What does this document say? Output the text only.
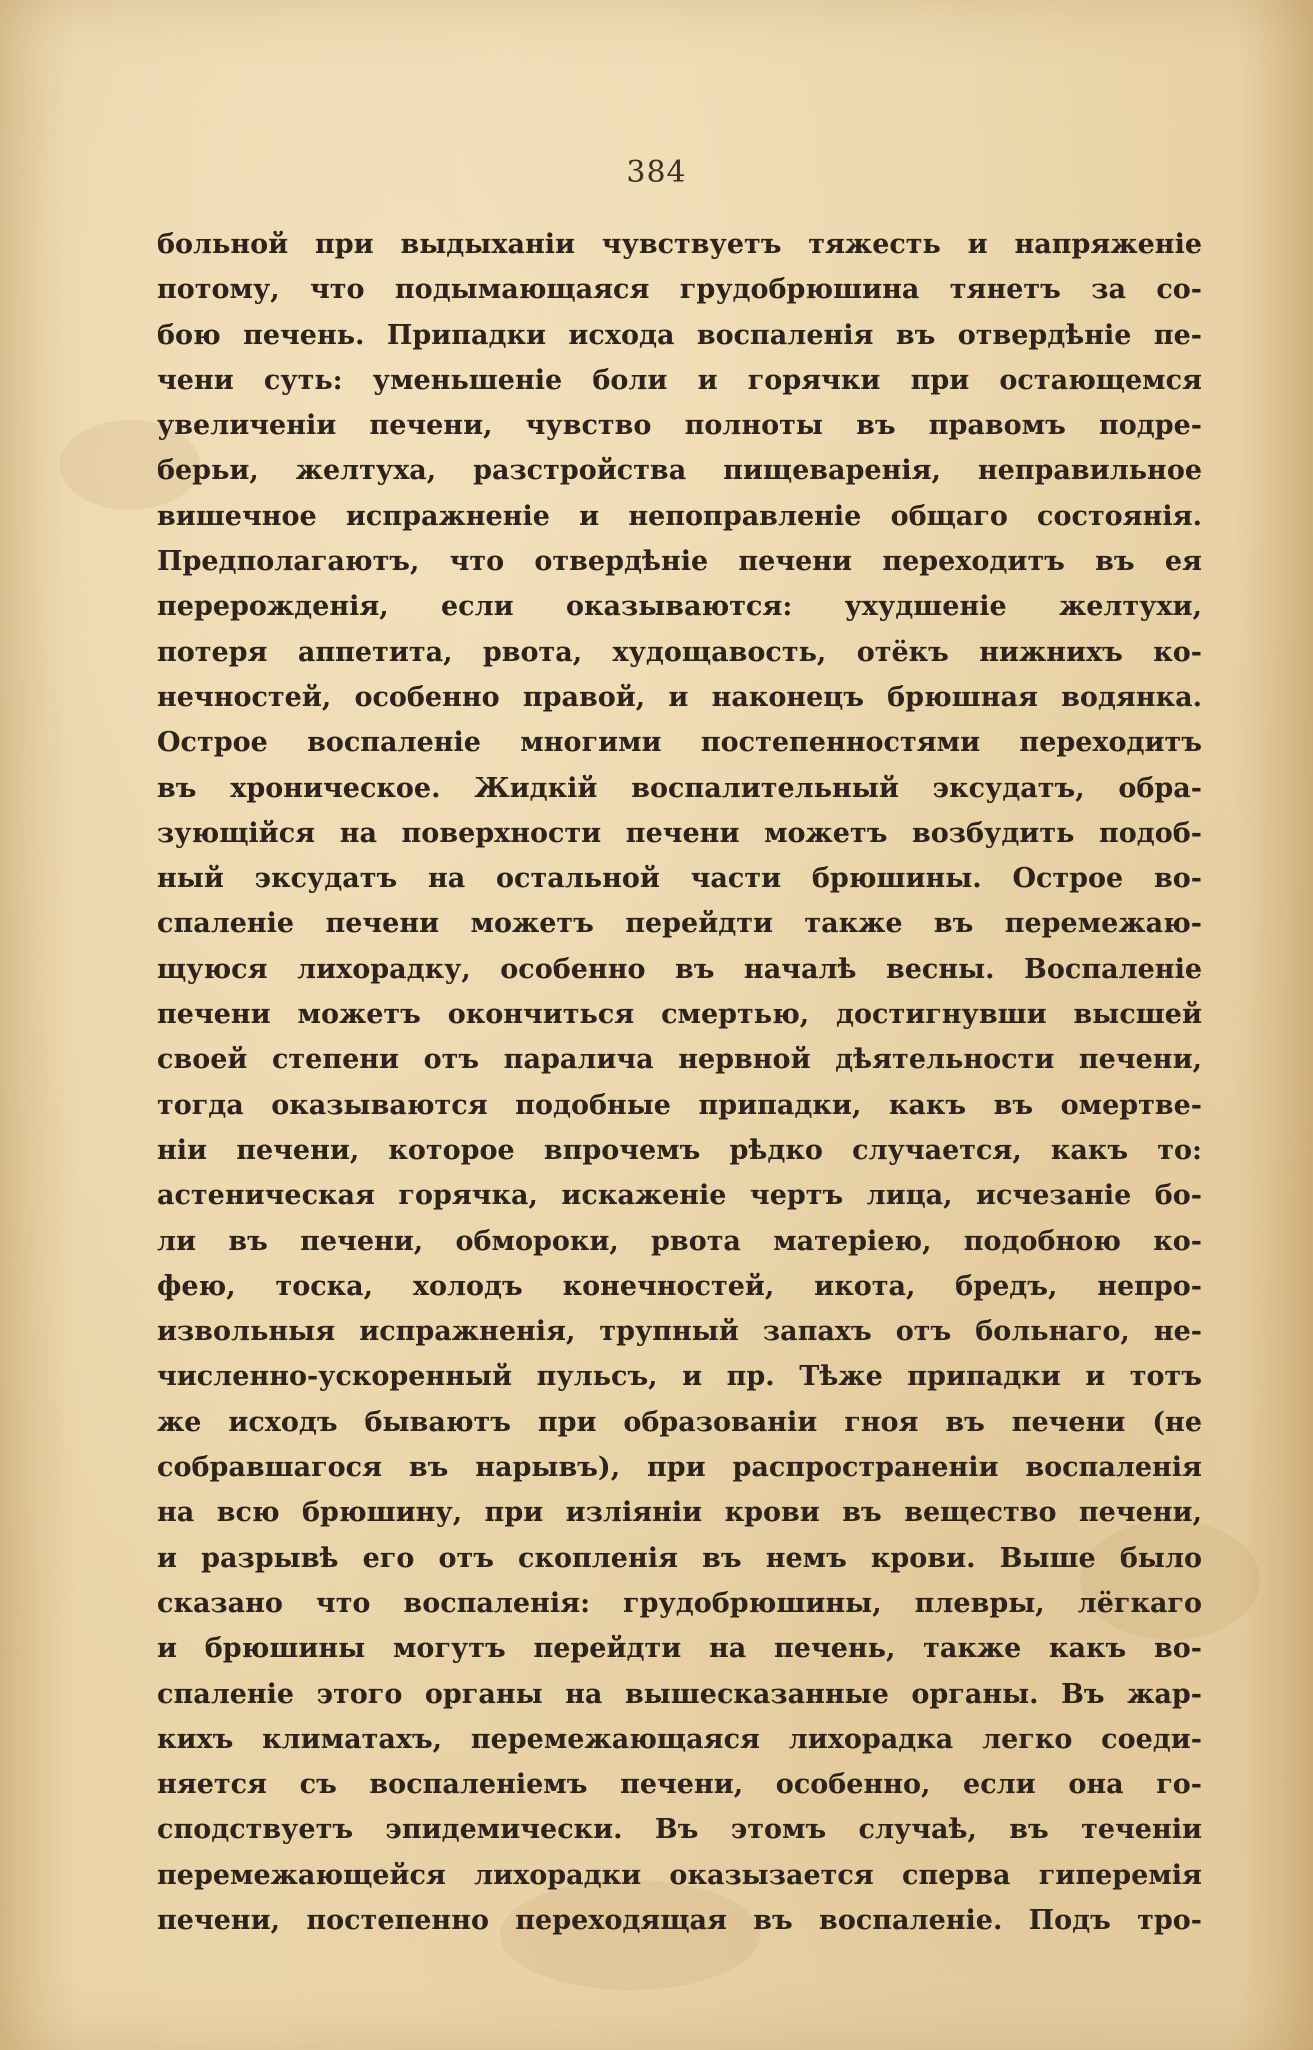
384
больной при выдыханіи чувствуетъ тяжесть и напряженіе
потому, что подымающаяся грудобрюшина тянетъ за со-
бою печень. Припадки исхода воспаленія въ отвердѣніе пе-
чени суть: уменьшеніе боли и горячки при остающемся
увеличеніи печени, чувство полноты въ правомъ подре-
берьи, желтуха, разстройства пищеваренія, неправильное
вишечное испражненіе и непоправленіе общаго состоянія.
Предполагаютъ, что отвердѣніе печени переходитъ въ ея
перерожденія, если оказываются: ухудшеніе желтухи,
потеря аппетита, рвота, худощавость, отёкъ нижнихъ ко-
нечностей, особенно правой, и наконецъ брюшная водянка.
Острое воспаленіе многими постепенностями переходитъ
въ хроническое. Жидкій воспалительный эксудатъ, обра-
зующійся на поверхности печени можетъ возбудить подоб-
ный эксудатъ на остальной части брюшины. Острое во-
спаленіе печени можетъ перейдти также въ перемежаю-
щуюся лихорадку, особенно въ началѣ весны. Воспаленіе
печени можетъ окончиться смертью, достигнувши высшей
своей степени отъ паралича нервной дѣятельности печени,
тогда оказываются подобные припадки, какъ въ омертве-
ніи печени, которое впрочемъ рѣдко случается, какъ то:
астеническая горячка, искаженіе чертъ лица, исчезаніе бо-
ли въ печени, обмороки, рвота матеріею, подобною ко-
фею, тоска, холодъ конечностей, икота, бредъ, непро-
извольныя испражненія, трупный запахъ отъ больнаго, не-
численно-ускоренный пульсъ, и пр. Тѣже припадки и тотъ
же исходъ бываютъ при образованіи гноя въ печени (не
собравшагося въ нарывъ), при распространеніи воспаленія
на всю брюшину, при изліяніи крови въ вещество печени,
и разрывѣ его отъ скопленія въ немъ крови. Выше было
сказано что воспаленія: грудобрюшины, плевры, лёгкаго
и брюшины могутъ перейдти на печень, также какъ во-
спаленіе этого органы на вышесказанные органы. Въ жар-
кихъ климатахъ, перемежающаяся лихорадка легко соеди-
няется съ воспаленіемъ печени, особенно, если она го-
сподствуетъ эпидемически. Въ этомъ случаѣ, въ теченіи
перемежающейся лихорадки оказызается сперва гиперемія
печени, постепенно переходящая въ воспаленіе. Подъ тро-
